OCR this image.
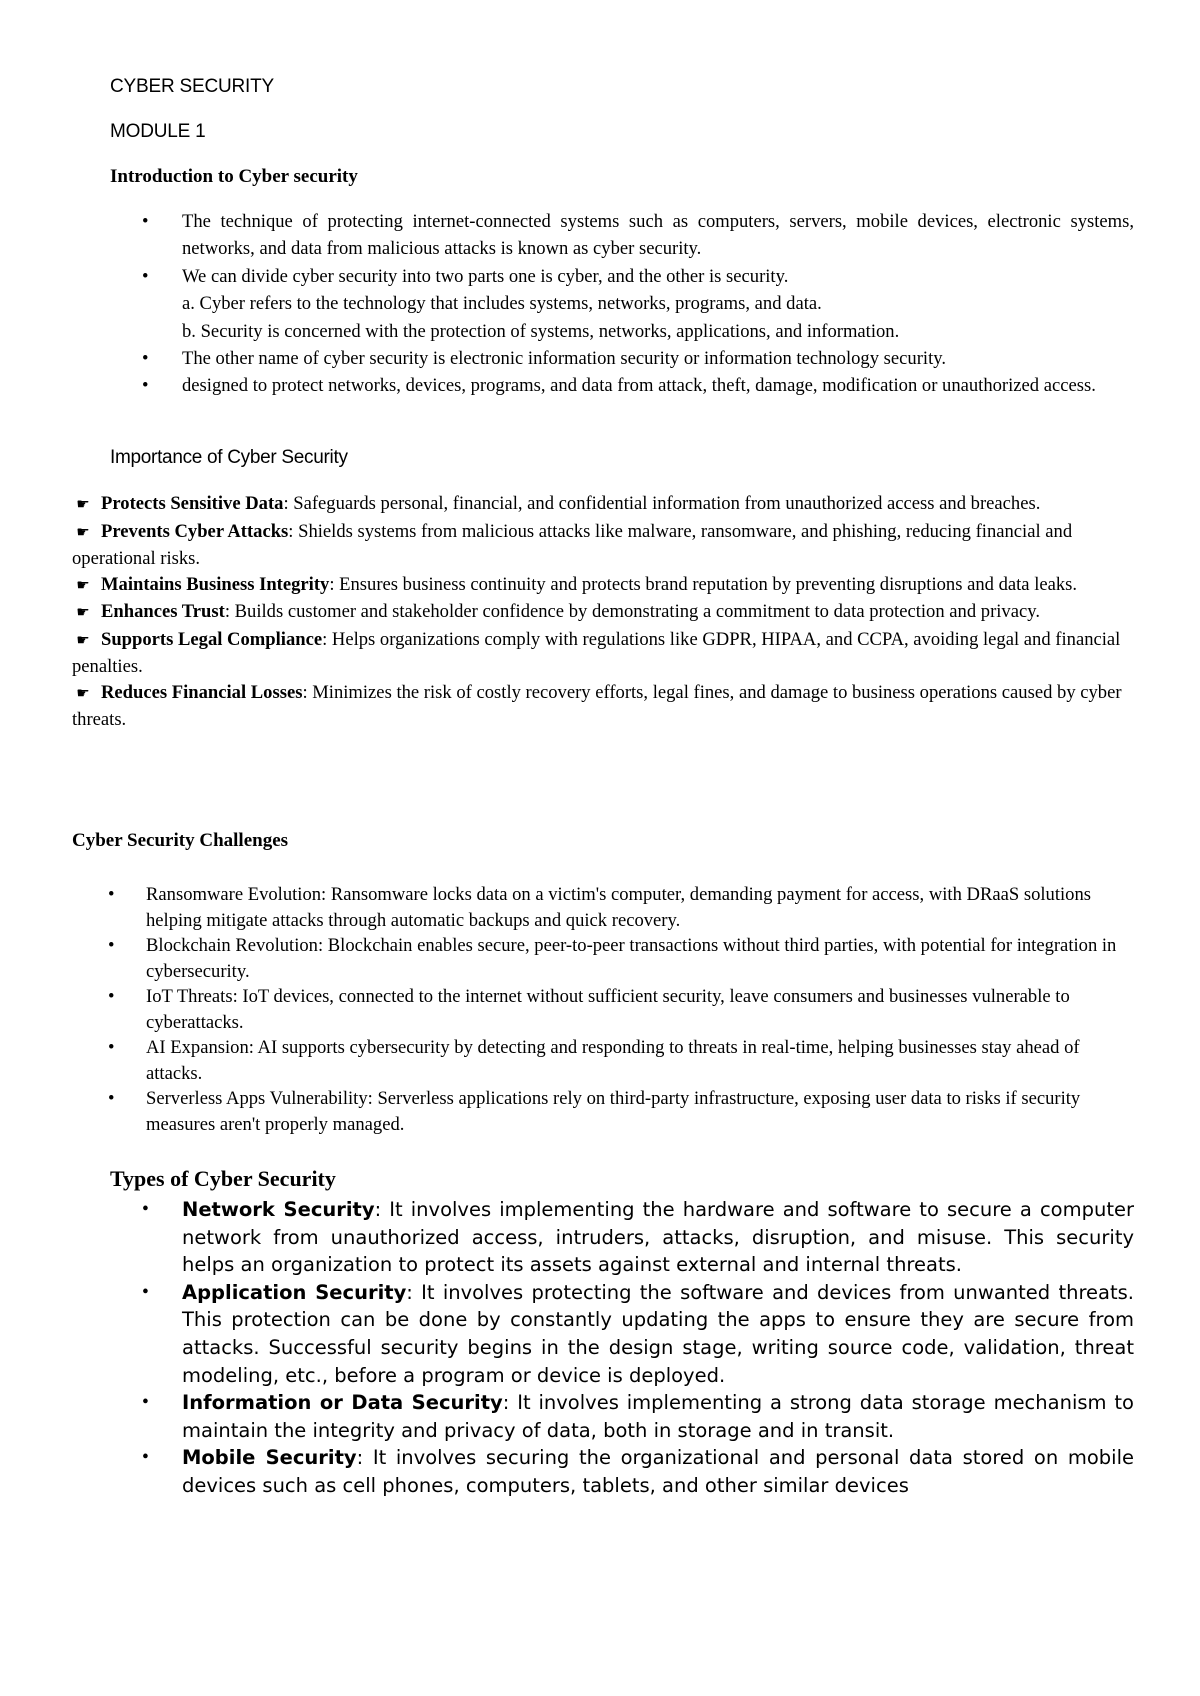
CYBER SECURITY
MODULE 1
Introduction to Cyber security
• The technique of protecting internet-connected systems such as computers, servers, mobile devices, electronic systems, networks, and data from malicious attacks is known as cyber security.
• We can divide cyber security into two parts one is cyber, and the other is security.
a. Cyber refers to the technology that includes systems, networks, programs, and data.
b. Security is concerned with the protection of systems, networks, applications, and information.
• The other name of cyber security is electronic information security or information technology security.
• designed to protect networks, devices, programs, and data from attack, theft, damage, modification or unauthorized access.
Importance of Cyber Security

☛ Protects Sensitive Data: Safeguards personal, financial, and confidential information from unauthorized access and breaches.

☛ Prevents Cyber Attacks: Shields systems from malicious attacks like malware, ransomware, and phishing, reducing financial and operational risks.

☛ Maintains Business Integrity: Ensures business continuity and protects brand reputation by preventing disruptions and data leaks.

☛ Enhances Trust: Builds customer and stakeholder confidence by demonstrating a commitment to data protection and privacy.

☛ Supports Legal Compliance: Helps organizations comply with regulations like GDPR, HIPAA, and CCPA, avoiding legal and financial penalties.

☛ Reduces Financial Losses: Minimizes the risk of costly recovery efforts, legal fines, and damage to business operations caused by cyber threats.

Cyber Security Challenges
• Ransomware Evolution: Ransomware locks data on a victim's computer, demanding payment for access, with DRaaS solutions helping mitigate attacks through automatic backups and quick recovery.
• Blockchain Revolution: Blockchain enables secure, peer-to-peer transactions without third parties, with potential for integration in cybersecurity.
• IoT Threats: IoT devices, connected to the internet without sufficient security, leave consumers and businesses vulnerable to cyberattacks.
• AI Expansion: AI supports cybersecurity by detecting and responding to threats in real-time, helping businesses stay ahead of attacks.
• Serverless Apps Vulnerability: Serverless applications rely on third-party infrastructure, exposing user data to risks if security measures aren't properly managed.
Types of Cyber Security
• Network Security: It involves implementing the hardware and software to secure a computer network from unauthorized access, intruders, attacks, disruption, and misuse. This security helps an organization to protect its assets against external and internal threats.
• Application Security: It involves protecting the software and devices from unwanted threats. This protection can be done by constantly updating the apps to ensure they are secure from attacks. Successful security begins in the design stage, writing source code, validation, threat modeling, etc., before a program or device is deployed.
• Information or Data Security: It involves implementing a strong data storage mechanism to maintain the integrity and privacy of data, both in storage and in transit.
• Mobile Security: It involves securing the organizational and personal data stored on mobile devices such as cell phones, computers, tablets, and other similar devices
